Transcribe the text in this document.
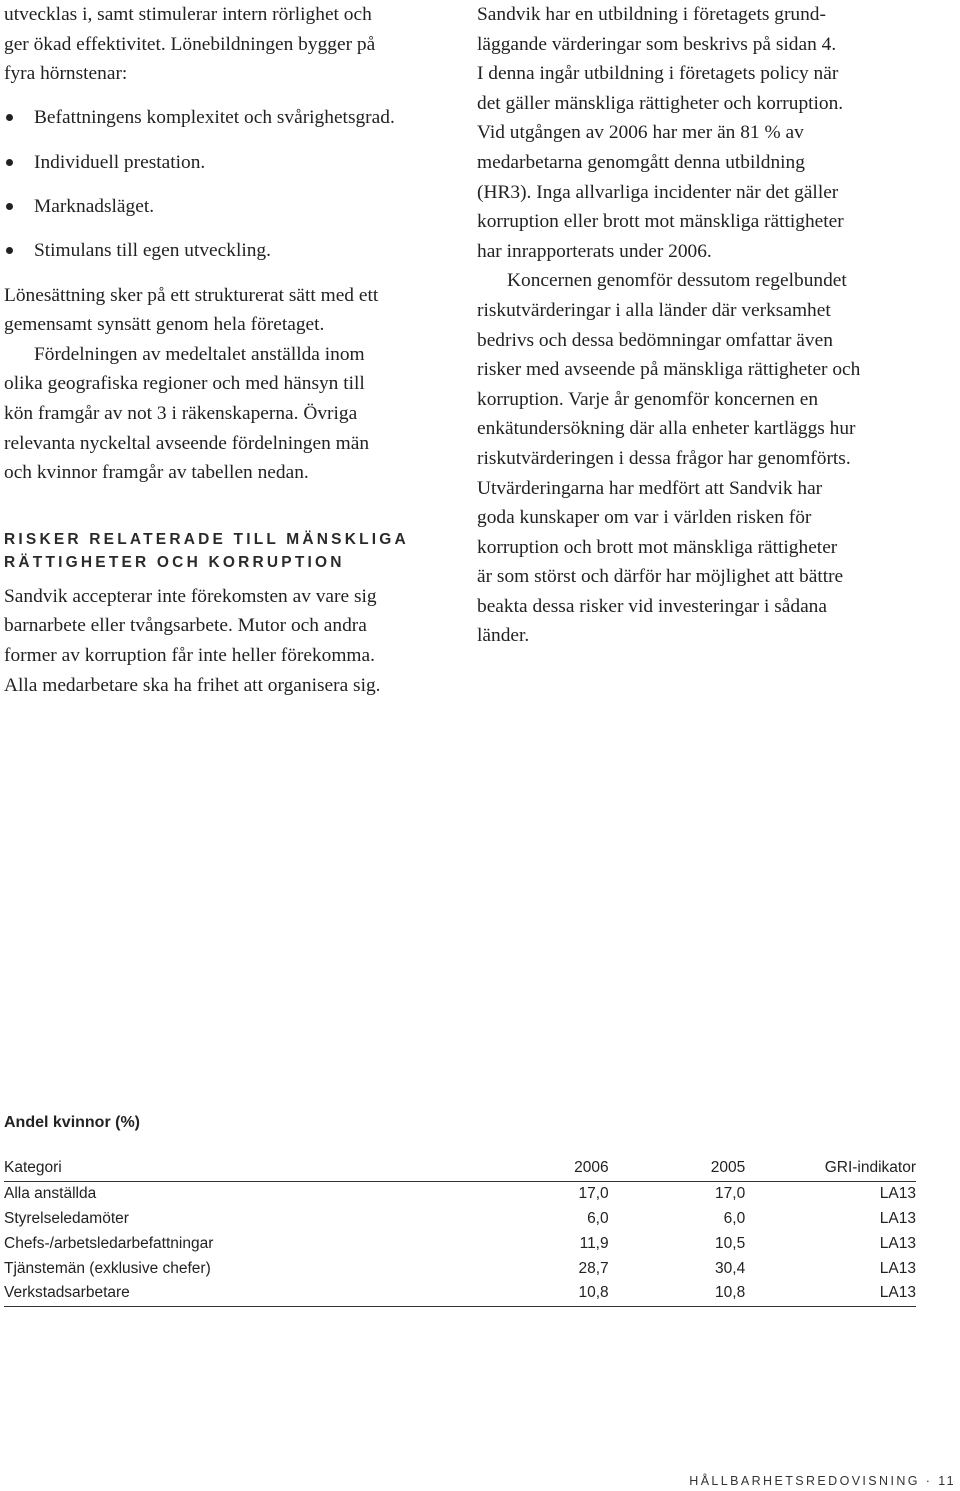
utvecklas i, samt stimulerar intern rörlighet och
ger ökad effektivitet. Lönebildningen bygger på
fyra hörnstenar:

Befattningens komplexitet och svårighetsgrad.
Individuell prestation.
Marknadsläget.
Stimulans till egen utveckling.

Lönesättning sker på ett strukturerat sätt med ett
gemensamt synsätt genom hela företaget.

Fördelningen av medeltalet anställda inom
olika geografiska regioner och med hänsyn till
kön framgår av not 3 i räkenskaperna. Övriga
relevanta nyckeltal avseende fördelningen män
och kvinnor framgår av tabellen nedan.

RISKER RELATERADE TILL MÄNSKLIGA
RÄTTIGHETER OCH KORRUPTION

Sandvik accepterar inte förekomsten av vare sig
barnarbete eller tvångsarbete. Mutor och andra
former av korruption får inte heller förekomma.
Alla medarbetare ska ha frihet att organisera sig.

Sandvik har en utbildning i företagets grund-
läggande värderingar som beskrivs på sidan 4.
I denna ingår utbildning i företagets policy när
det gäller mänskliga rättigheter och korruption.
Vid utgången av 2006 har mer än 81 % av
medarbetarna genomgått denna utbildning
(HR3). Inga allvarliga incidenter när det gäller
korruption eller brott mot mänskliga rättigheter
har inrapporterats under 2006.

Koncernen genomför dessutom regelbundet
riskutvärderingar i alla länder där verksamhet
bedrivs och dessa bedömningar omfattar även
risker med avseende på mänskliga rättigheter och
korruption. Varje år genomför koncernen en
enkätundersökning där alla enheter kartläggs hur
riskutvärderingen i dessa frågor har genomförts.
Utvärderingarna har medfört att Sandvik har
goda kunskaper om var i världen risken för
korruption och brott mot mänskliga rättigheter
är som störst och därför har möjlighet att bättre
beakta dessa risker vid investeringar i sådana
länder.

Andel kvinnor (%)
Kategori	2006	2005	GRI-indikator
Alla anställda	17,0	17,0	LA13
Styrelseledamöter	6,0	6,0	LA13
Chefs-/arbetsledarbefattningar	11,9	10,5	LA13
Tjänstemän (exklusive chefer)	28,7	30,4	LA13
Verkstadsarbetare	10,8	10,8	LA13
HÅLLBARHETSREDOVISNING · 11
